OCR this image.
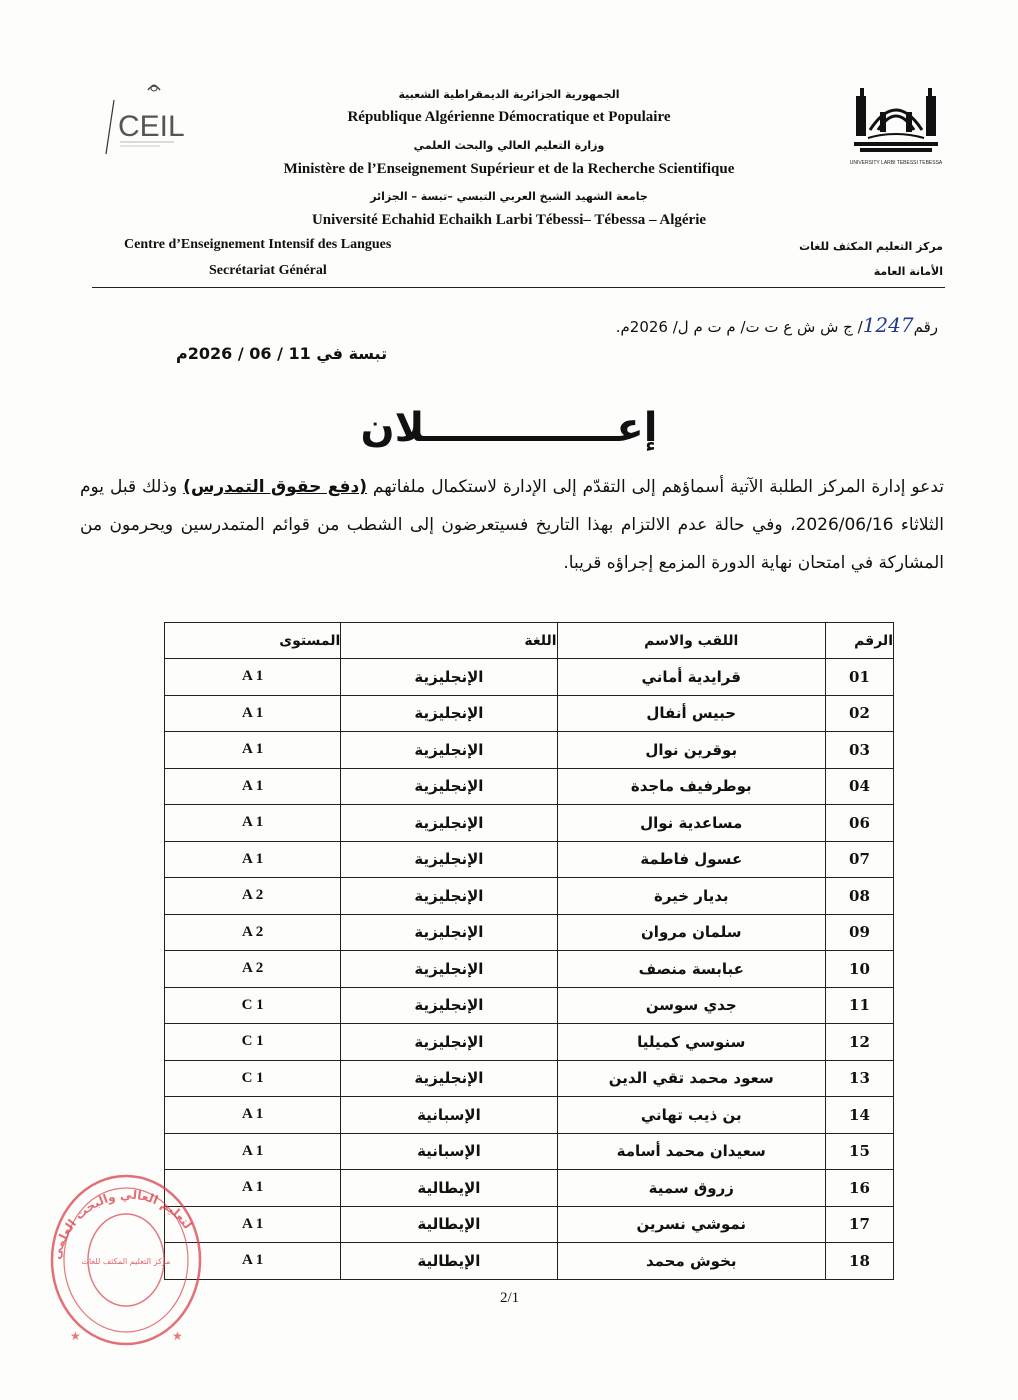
CEIL
UNIVERSITY LARBI TEBESSI TEBESSA
الجمهورية الجزائرية الديمقراطية الشعبية
République Algérienne Démocratique et Populaire
وزارة التعليم العالي والبحث العلمي
Ministère de l’Enseignement Supérieur et de la Recherche Scientifique
جامعة الشهيد الشيخ العربي التبسي –تبسة – الجزائر
Université Echahid Echaikh Larbi Tébessi– Tébessa – Algérie
Centre d’Enseignement Intensif des Langues
Secrétariat Général
مركز التعليم المكثف للغات
الأمانة العامة
رقم1247/ ج ش ش ع ت ت/ م ت م ل/ 2026م.
تبسة في 11 / 06 / 2026م
إعــــــــــــــلان
تدعو إدارة المركز الطلبة الآتية أسماؤهم إلى التقدّم إلى الإدارة لاستكمال ملفاتهم (دفع حقوق التمدرس) وذلك قبل يوم الثلاثاء 2026/06/16، وفي حالة عدم الالتزام بهذا التاريخ فسيتعرضون إلى الشطب من قوائم المتمدرسين ويحرمون من المشاركة في امتحان نهاية الدورة المزمع إجراؤه قريبا.
الرقم	اللقب والاسم	اللغة	المستوى
01	قرايدية أماني	الإنجليزية	A 1
02	حبيس أنفال	الإنجليزية	A 1
03	بوقرين نوال	الإنجليزية	A 1
04	بوطرفيف ماجدة	الإنجليزية	A 1
06	مساعدية نوال	الإنجليزية	A 1
07	عسول فاطمة	الإنجليزية	A 1
08	بديار خيرة	الإنجليزية	A 2
09	سلمان مروان	الإنجليزية	A 2
10	عبابسة منصف	الإنجليزية	A 2
11	جدي سوسن	الإنجليزية	C 1
12	سنوسي كميليا	الإنجليزية	C 1
13	سعود محمد تقي الدين	الإنجليزية	C 1
14	بن ذيب تهاني	الإسبانية	A 1
15	سعيدان محمد أسامة	الإسبانية	A 1
16	زروق سمية	الإيطالية	A 1
17	نموشي نسرين	الإيطالية	A 1
18	بخوش محمد	الإيطالية	A 1
2/1
لتعليم العالي والبحث العلمي
مركز التعليم المكثف للغات
★	★
